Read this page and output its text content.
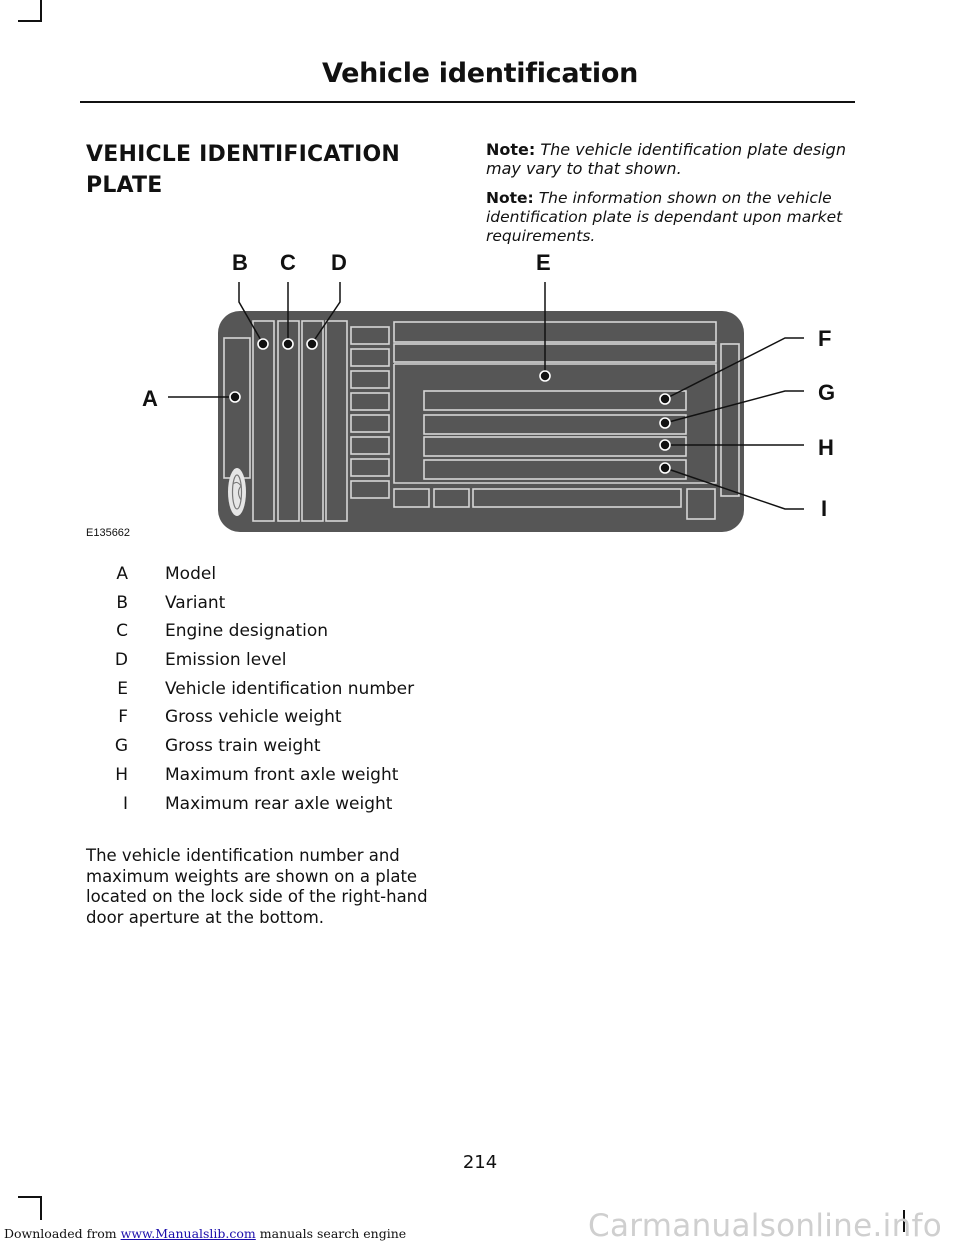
Vehicle identification
VEHICLE IDENTIFICATION PLATE
Note: The vehicle identification plate design may vary to that shown.
Note: The information shown on the vehicle identification plate is dependant upon market requirements.
B C D	E
A
F
G
H
I
E135662
A Model
B Variant
C Engine designation
D Emission level
E Vehicle identification number
F Gross vehicle weight
G Gross train weight
H Maximum front axle weight
I Maximum rear axle weight
The vehicle identification number and maximum weights are shown on a plate located on the lock side of the right-hand door aperture at the bottom.
214
Downloaded from www.Manualslib.com manuals search engine	Carmanualsonline.info
